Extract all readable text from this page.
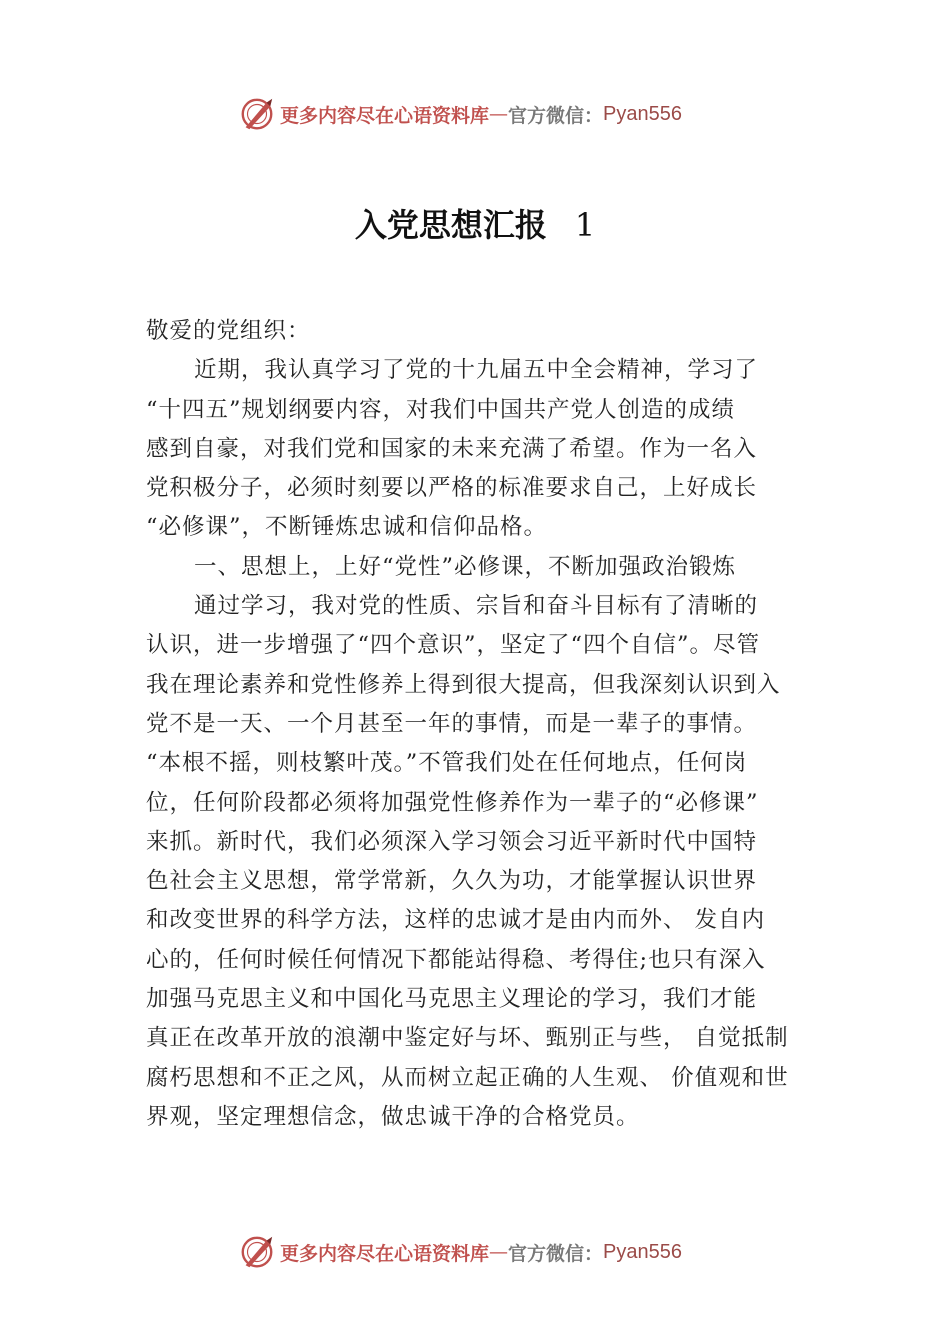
更多内容尽在心语资料库 — 官方微信： Pyan556
入党思想汇报 1
敬爱的党组织：
近期，我认真学习了党的十九届五中全会精神，学习了
“十四五”规划纲要内容，对我们中国共产党人创造的成绩
感到自豪，对我们党和国家的未来充满了希望。作为一名入
党积极分子，必须时刻要以严格的标准要求自己，上好成长
“必修课”，不断锤炼忠诚和信仰品格。
一、思想上，上好“党性”必修课，不断加强政治锻炼
通过学习，我对党的性质、宗旨和奋斗目标有了清晰的
认识，进一步增强了“四个意识”，坚定了“四个自信”。尽管
我在理论素养和党性修养上得到很大提高，但我深刻认识到入
党不是一天、一个月甚至一年的事情，而是一辈子的事情。
“本根不摇，则枝繁叶茂。”不管我们处在任何地点，任何岗
位，任何阶段都必须将加强党性修养作为一辈子的“必修课”
来抓。新时代，我们必须深入学习领会习近平新时代中国特
色社会主义思想，常学常新，久久为功，才能掌握认识世界
和改变世界的科学方法，这样的忠诚才是由内而外、 发自内
心的，任何时候任何情况下都能站得稳、考得住;也只有深入
加强马克思主义和中国化马克思主义理论的学习，我们才能
真正在改革开放的浪潮中鉴定好与坏、甄别正与些， 自觉抵制
腐朽思想和不正之风，从而树立起正确的人生观、 价值观和世
界观，坚定理想信念，做忠诚干净的合格党员。
更多内容尽在心语资料库 — 官方微信： Pyan556
